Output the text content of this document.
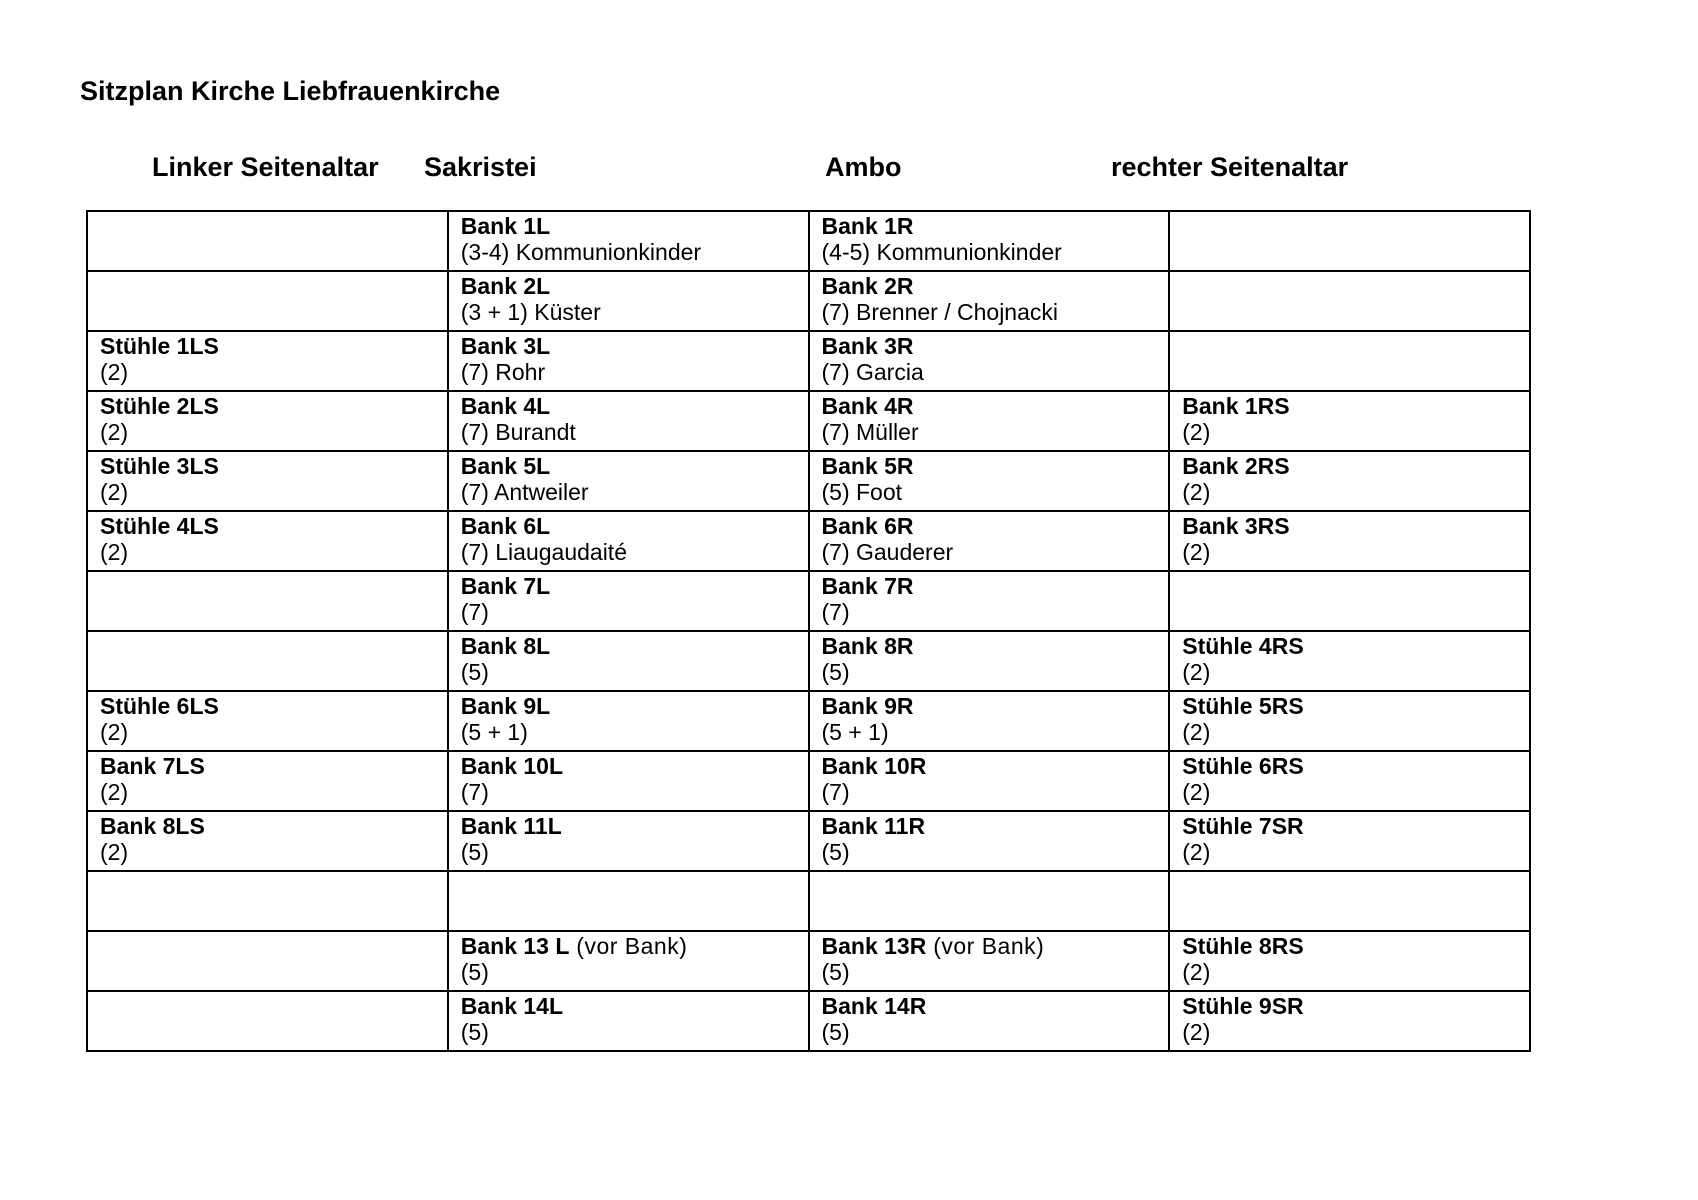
Sitzplan Kirche Liebfrauenkirche
Linker Seitenaltar Sakristei	Ambo	rechter Seitenaltar

	Bank 1L
(3-4) Kommunionkinder	Bank 1R
(4-5) Kommunionkinder	

	Bank 2L
(3 + 1) Küster	Bank 2R
(7) Brenner / Chojnacki	

Stühle 1LS
(2)	Bank 3L
(7) Rohr	Bank 3R
(7) Garcia	

Stühle 2LS
(2)	Bank 4L
(7) Burandt	Bank 4R
(7) Müller	Bank 1RS
(2)

Stühle 3LS
(2)	Bank 5L
(7) Antweiler	Bank 5R
(5) Foot	Bank 2RS
(2)

Stühle 4LS
(2)	Bank 6L
(7) Liaugaudaité	Bank 6R
(7) Gauderer	Bank 3RS
(2)

	Bank 7L
(7)	Bank 7R
(7)	

	Bank 8L
(5)	Bank 8R
(5)	Stühle 4RS
(2)

Stühle 6LS
(2)	Bank 9L
(5 + 1)	Bank 9R
(5 + 1)	Stühle 5RS
(2)

Bank 7LS
(2)	Bank 10L
(7)	Bank 10R
(7)	Stühle 6RS
(2)

Bank 8LS
(2)	Bank 11L
(5)	Bank 11R
(5)	Stühle 7SR
(2)

	Bank 13 L (vor Bank)
(5)	Bank 13R (vor Bank)
(5)	Stühle 8RS
(2)

	Bank 14L
(5)	Bank 14R
(5)	Stühle 9SR
(2)
